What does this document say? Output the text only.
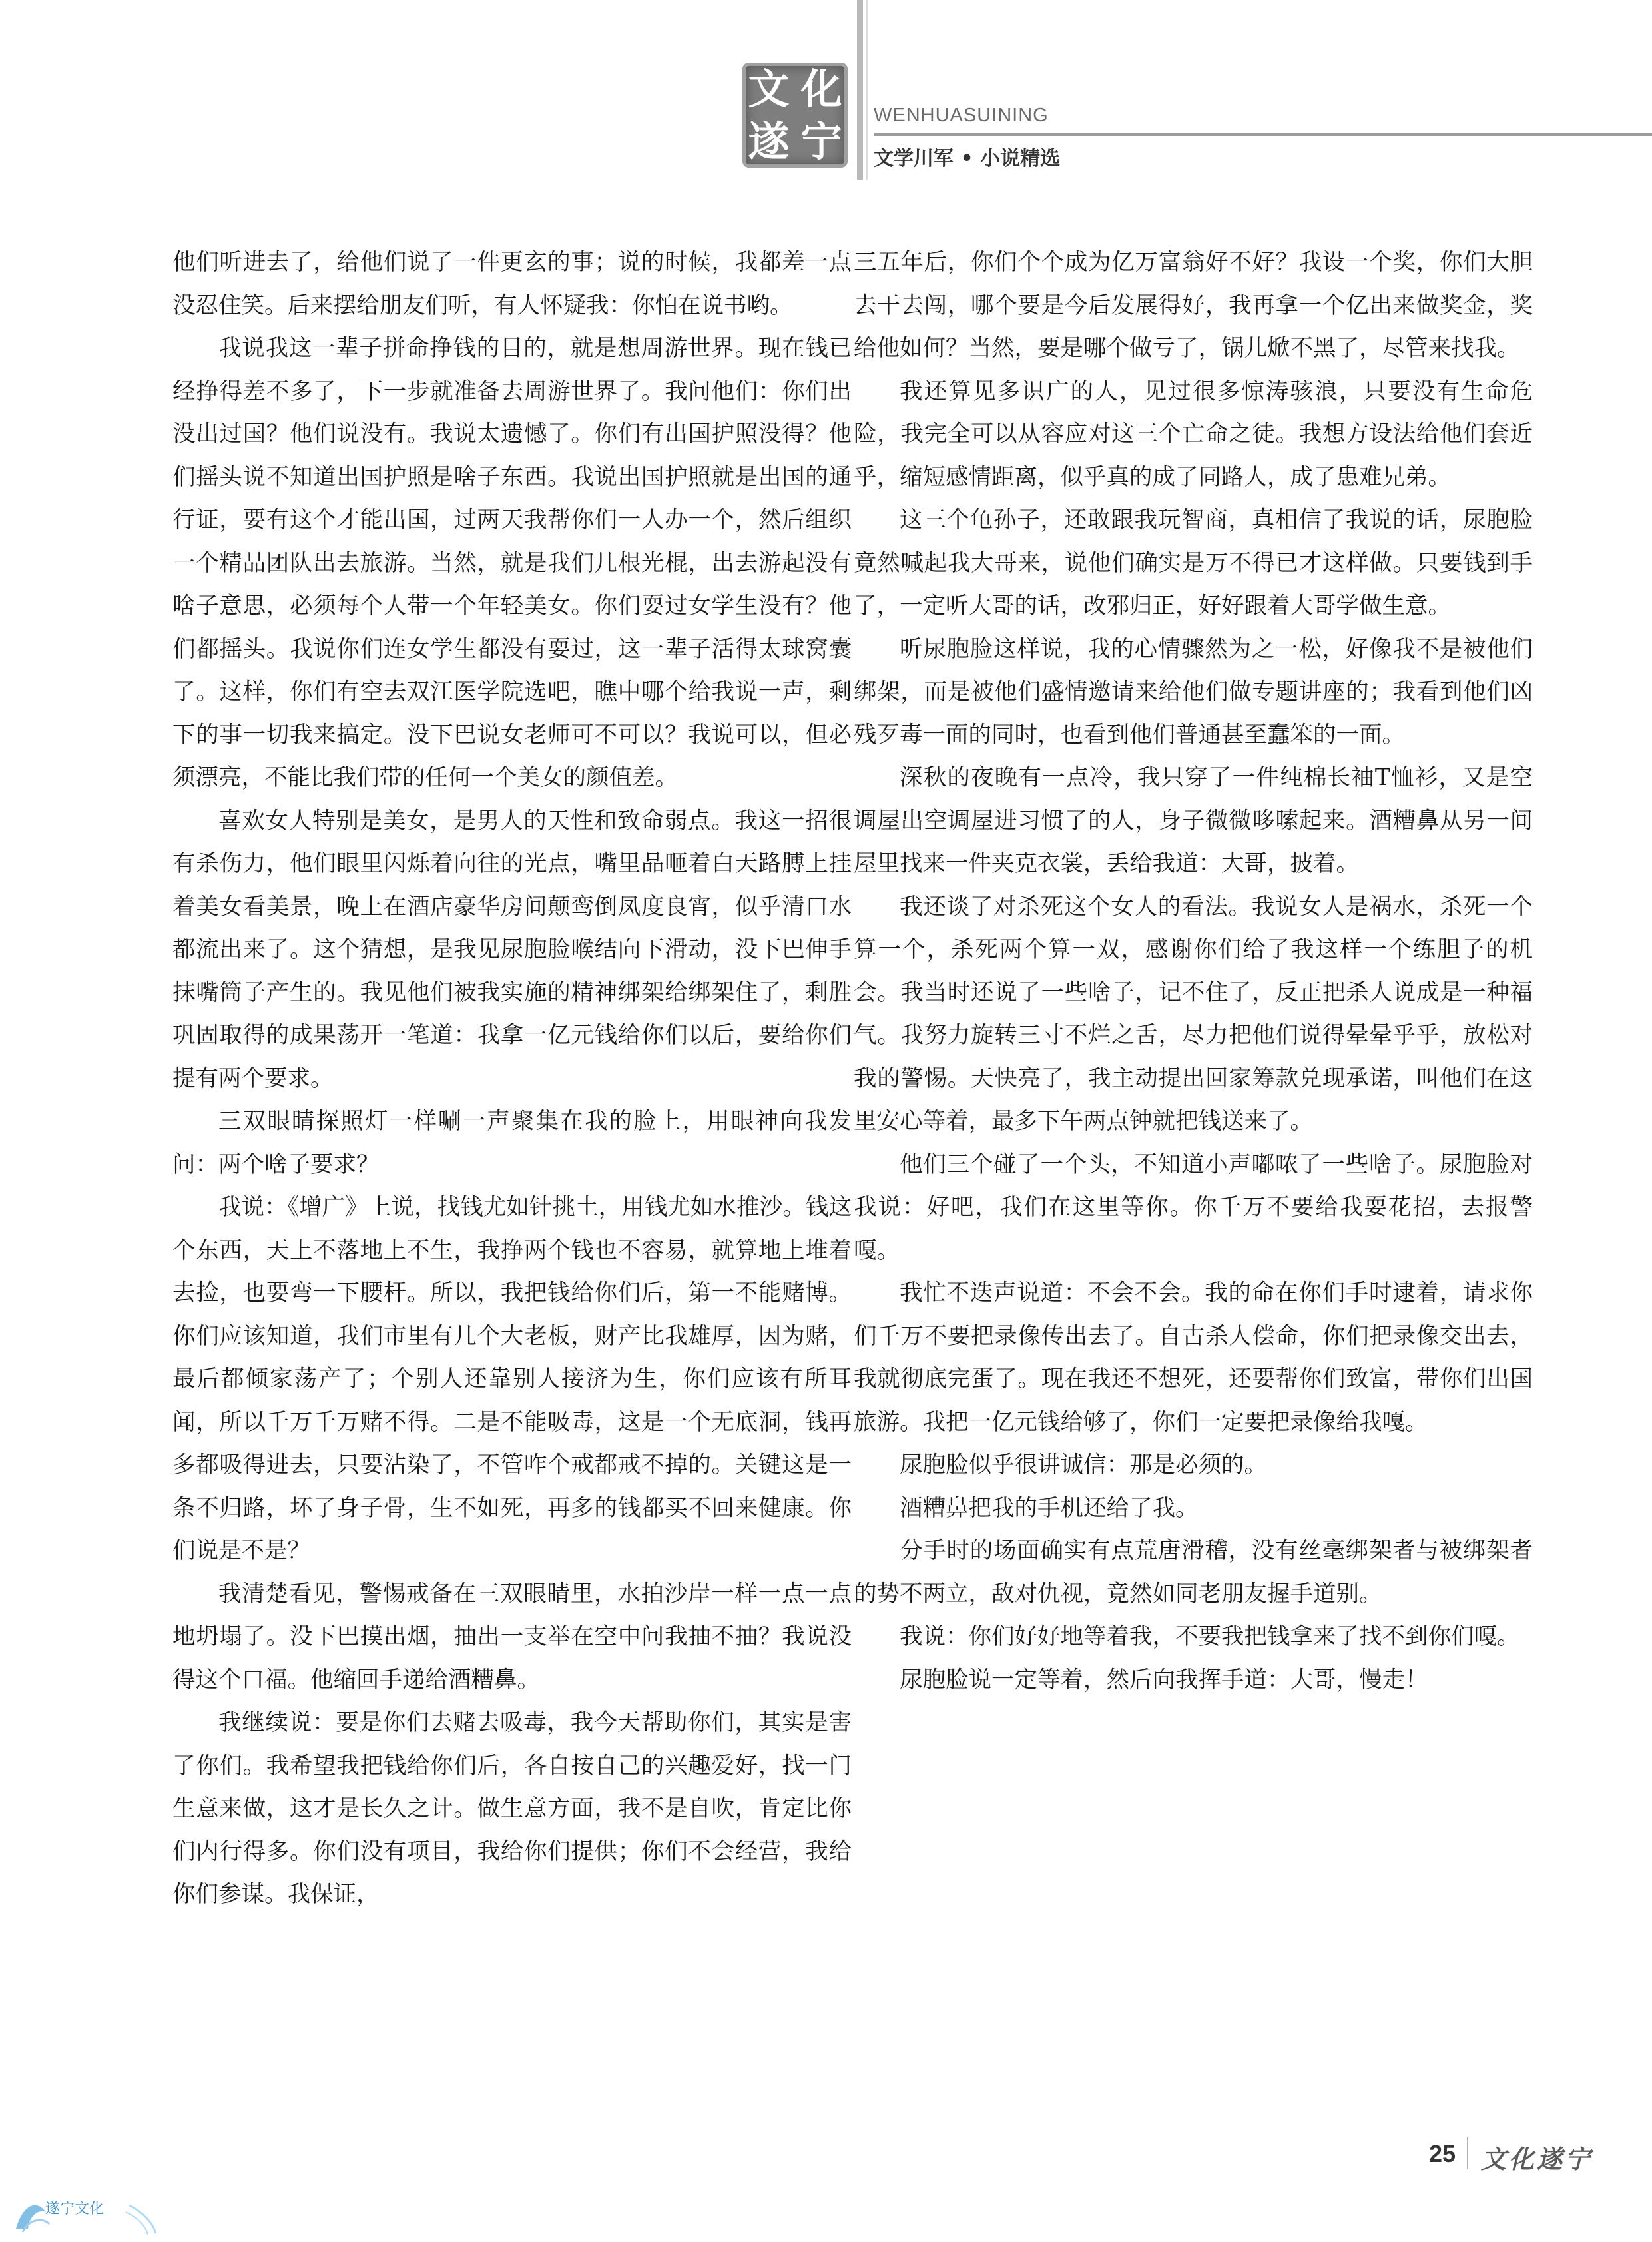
文 化
遂 宁
WENHUASUINING
文学川军 • 小说精选

他们听进去了，给他们说了一件更玄的事；说的时候，我都差一点没忍住笑。后来摆给朋友们听，有人怀疑我：你怕在说书哟。

我说我这一辈子拼命挣钱的目的，就是想周游世界。现在钱已经挣得差不多了，下一步就准备去周游世界了。我问他们：你们出没出过国？他们说没有。我说太遗憾了。你们有出国护照没得？他们摇头说不知道出国护照是啥子东西。我说出国护照就是出国的通行证，要有这个才能出国，过两天我帮你们一人办一个，然后组织一个精品团队出去旅游。当然，就是我们几根光棍，出去游起没有啥子意思，必须每个人带一个年轻美女。你们耍过女学生没有？他们都摇头。我说你们连女学生都没有耍过，这一辈子活得太球窝囊了。这样，你们有空去双江医学院选吧，瞧中哪个给我说一声，剩下的事一切我来搞定。没下巴说女老师可不可以？我说可以，但必须漂亮，不能比我们带的任何一个美女的颜值差。

喜欢女人特别是美女，是男人的天性和致命弱点。我这一招很有杀伤力，他们眼里闪烁着向往的光点，嘴里品咂着白天路膊上挂着美女看美景，晚上在酒店豪华房间颠鸾倒凤度良宵，似乎清口水都流出来了。这个猜想，是我见尿胞脸喉结向下滑动，没下巴伸手抹嘴筒子产生的。我见他们被我实施的精神绑架给绑架住了，剩胜巩固取得的成果荡开一笔道：我拿一亿元钱给你们以后，要给你们提有两个要求。

三双眼睛探照灯一样唰一声聚集在我的脸上，用眼神向我发问：两个啥子要求？

我说：《增广》上说，找钱尤如针挑土，用钱尤如水推沙。钱这个东西，天上不落地上不生，我挣两个钱也不容易，就算地上堆着去捡，也要弯一下腰杆。所以，我把钱给你们后，第一不能赌博。你们应该知道，我们市里有几个大老板，财产比我雄厚，因为赌，最后都倾家荡产了；个别人还靠别人接济为生，你们应该有所耳闻，所以千万千万赌不得。二是不能吸毒，这是一个无底洞，钱再多都吸得进去，只要沾染了，不管咋个戒都戒不掉的。关键这是一条不归路，坏了身子骨，生不如死，再多的钱都买不回来健康。你们说是不是？

我清楚看见，警惕戒备在三双眼睛里，水拍沙岸一样一点一点地坍塌了。没下巴摸出烟，抽出一支举在空中问我抽不抽？我说没得这个口福。他缩回手递给酒糟鼻。

我继续说：要是你们去赌去吸毒，我今天帮助你们，其实是害了你们。我希望我把钱给你们后，各自按自己的兴趣爱好，找一门生意来做，这才是长久之计。做生意方面，我不是自吹，肯定比你们内行得多。你们没有项目，我给你们提供；你们不会经营，我给你们参谋。我保证，

三五年后，你们个个成为亿万富翁好不好？我设一个奖，你们大胆去干去闯，哪个要是今后发展得好，我再拿一个亿出来做奖金，奖给他如何？当然，要是哪个做亏了，锅儿焮不黑了，尽管来找我。

我还算见多识广的人，见过很多惊涛骇浪，只要没有生命危险，我完全可以从容应对这三个亡命之徒。我想方设法给他们套近乎，缩短感情距离，似乎真的成了同路人，成了患难兄弟。

这三个龟孙子，还敢跟我玩智商，真相信了我说的话，尿胞脸竟然喊起我大哥来，说他们确实是万不得已才这样做。只要钱到手了，一定听大哥的话，改邪归正，好好跟着大哥学做生意。

听尿胞脸这样说，我的心情骤然为之一松，好像我不是被他们绑架，而是被他们盛情邀请来给他们做专题讲座的；我看到他们凶残歹毒一面的同时，也看到他们普通甚至蠢笨的一面。

深秋的夜晚有一点冷，我只穿了一件纯棉长袖T恤衫，又是空调屋出空调屋进习惯了的人，身子微微哆嗦起来。酒糟鼻从另一间屋里找来一件夹克衣裳，丢给我道：大哥，披着。

我还谈了对杀死这个女人的看法。我说女人是祸水，杀死一个算一个，杀死两个算一双，感谢你们给了我这样一个练胆子的机会。我当时还说了一些啥子，记不住了，反正把杀人说成是一种福气。我努力旋转三寸不烂之舌，尽力把他们说得晕晕乎乎，放松对我的警惕。天快亮了，我主动提出回家筹款兑现承诺，叫他们在这里安心等着，最多下午两点钟就把钱送来了。

他们三个碰了一个头，不知道小声嘟哝了一些啥子。尿胞脸对我说：好吧，我们在这里等你。你千万不要给我耍花招，去报警嘎。

我忙不迭声说道：不会不会。我的命在你们手时逮着，请求你们千万不要把录像传出去了。自古杀人偿命，你们把录像交出去，我就彻底完蛋了。现在我还不想死，还要帮你们致富，带你们出国旅游。我把一亿元钱给够了，你们一定要把录像给我嘎。

尿胞脸似乎很讲诚信：那是必须的。

酒糟鼻把我的手机还给了我。

分手时的场面确实有点荒唐滑稽，没有丝毫绑架者与被绑架者的势不两立，敌对仇视，竟然如同老朋友握手道别。

我说：你们好好地等着我，不要我把钱拿来了找不到你们嘎。

尿胞脸说一定等着，然后向我挥手道：大哥，慢走！

25 文化遂宁
遂宁文化
